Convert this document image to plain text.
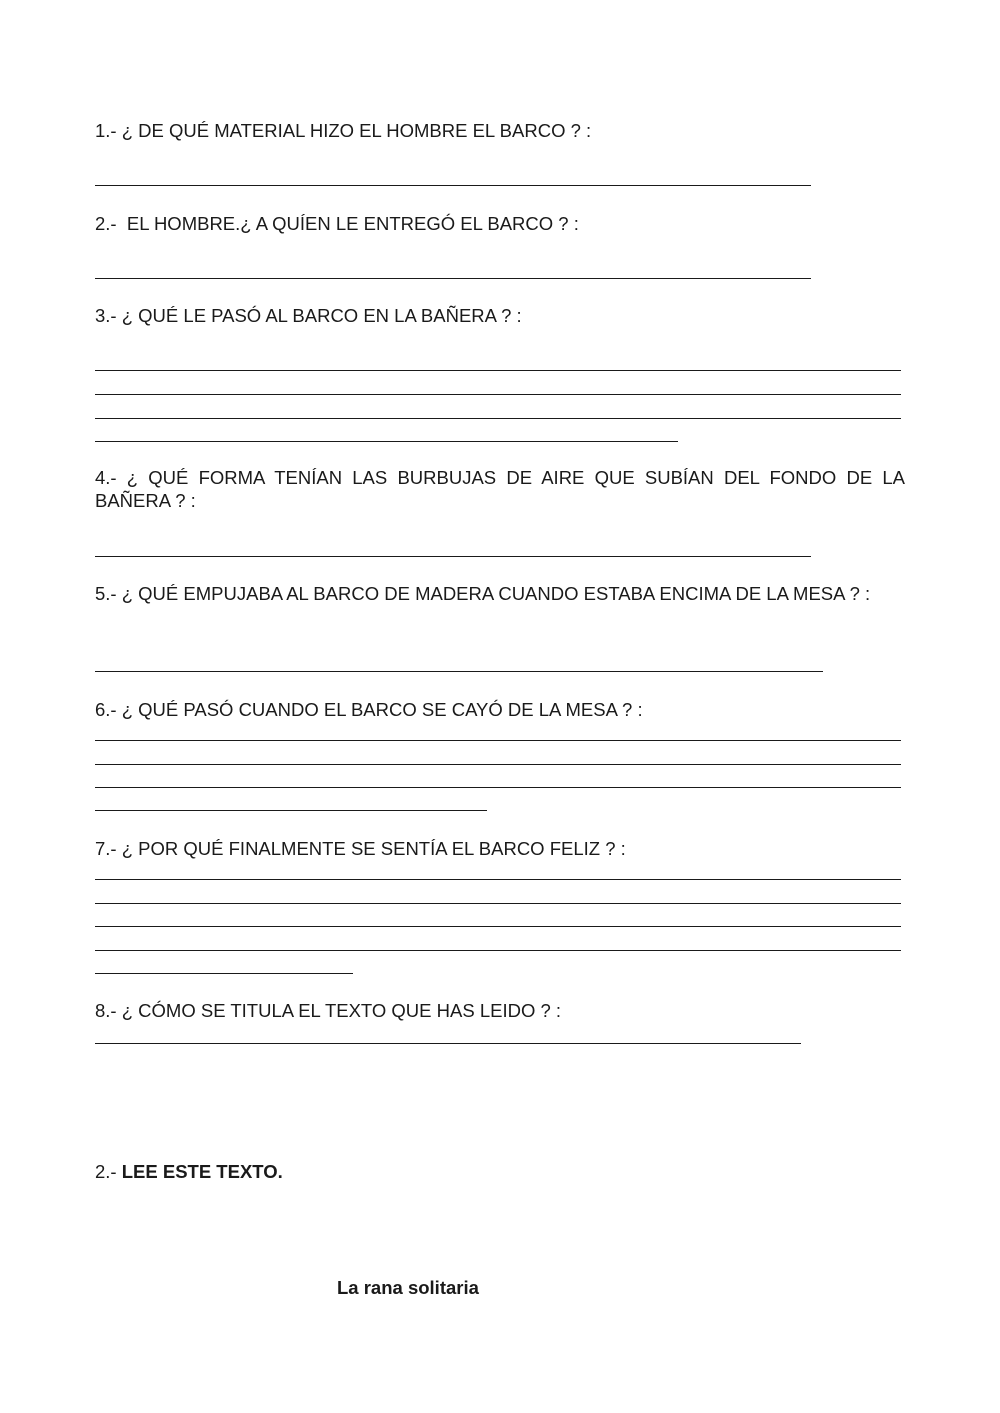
1.- ¿ DE QUÉ MATERIAL HIZO EL HOMBRE EL BARCO ? :
2.-  EL HOMBRE.¿ A QUÍEN LE ENTREGÓ EL BARCO ? :
3.- ¿ QUÉ LE PASÓ AL BARCO EN LA BAÑERA ? :
4.- ¿ QUÉ FORMA TENÍAN LAS BURBUJAS DE AIRE QUE SUBÍAN DEL FONDO DE LA BAÑERA ? :
5.- ¿ QUÉ EMPUJABA AL BARCO DE MADERA CUANDO ESTABA ENCIMA DE LA MESA ? :
6.- ¿ QUÉ PASÓ CUANDO EL BARCO SE CAYÓ DE LA MESA ? :
7.- ¿ POR QUÉ FINALMENTE SE SENTÍA EL BARCO FELIZ ? :
8.- ¿ CÓMO SE TITULA EL TEXTO QUE HAS LEIDO ? :
2.- LEE ESTE TEXTO.
La rana solitaria
